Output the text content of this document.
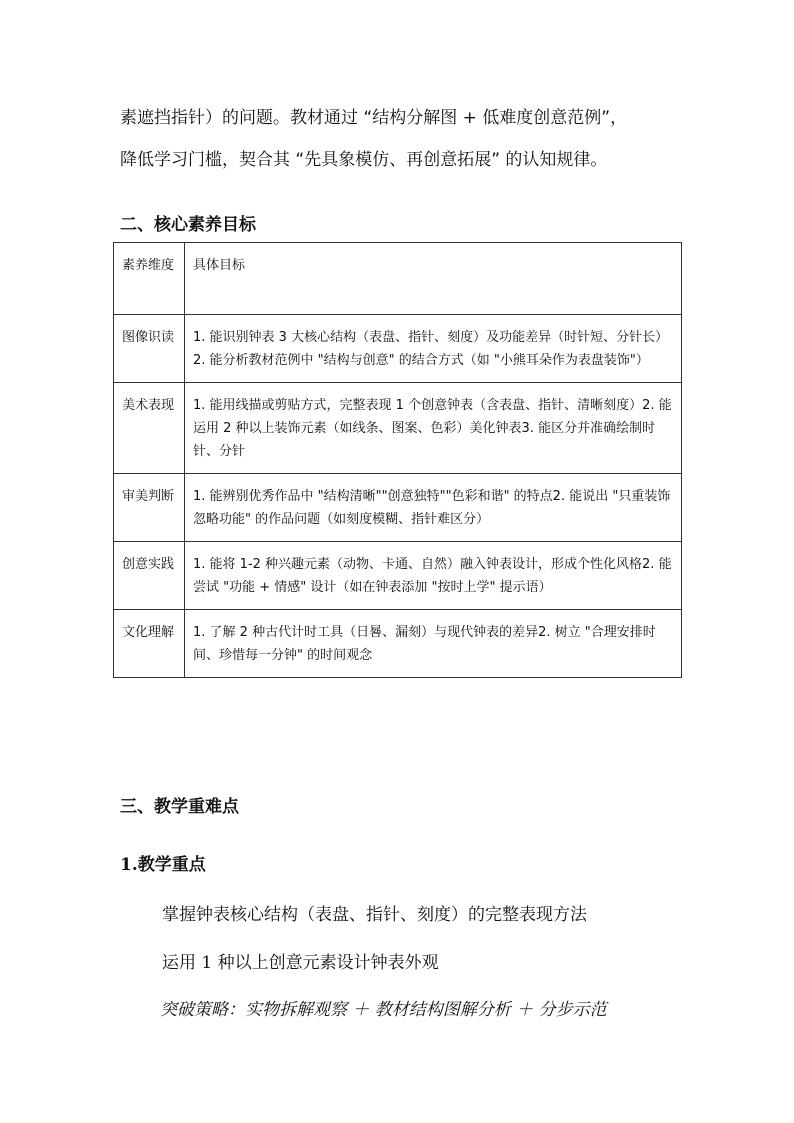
素遮挡指针）的问题。教材通过 “结构分解图 + 低难度创意范例”，

降低学习门槛，契合其 “先具象模仿、再创意拓展” 的认知规律。

二、核心素养目标
素养维度	具体目标
图像识读	1. 能识别钟表 3 大核心结构（表盘、指针、刻度）及功能差异（时针短、分针长）2. 能分析教材范例中 "结构与创意" 的结合方式（如 "小熊耳朵作为表盘装饰"）
美术表现	1. 能用线描或剪贴方式，完整表现 1 个创意钟表（含表盘、指针、清晰刻度）2. 能运用 2 种以上装饰元素（如线条、图案、色彩）美化钟表3. 能区分并准确绘制时针、分针
审美判断	1. 能辨别优秀作品中 "结构清晰""创意独特""色彩和谐" 的特点2. 能说出 "只重装饰忽略功能" 的作品问题（如刻度模糊、指针难区分）
创意实践	1. 能将 1-2 种兴趣元素（动物、卡通、自然）融入钟表设计，形成个性化风格2. 能尝试 "功能 + 情感" 设计（如在钟表添加 "按时上学" 提示语）
文化理解	1. 了解 2 种古代计时工具（日晷、漏刻）与现代钟表的差异2. 树立 "合理安排时间、珍惜每一分钟" 的时间观念
三、教学重难点
1.教学重点

掌握钟表核心结构（表盘、指针、刻度）的完整表现方法

运用 1 种以上创意元素设计钟表外观

突破策略：实物拆解观察 ＋ 教材结构图解分析 ＋ 分步示范
